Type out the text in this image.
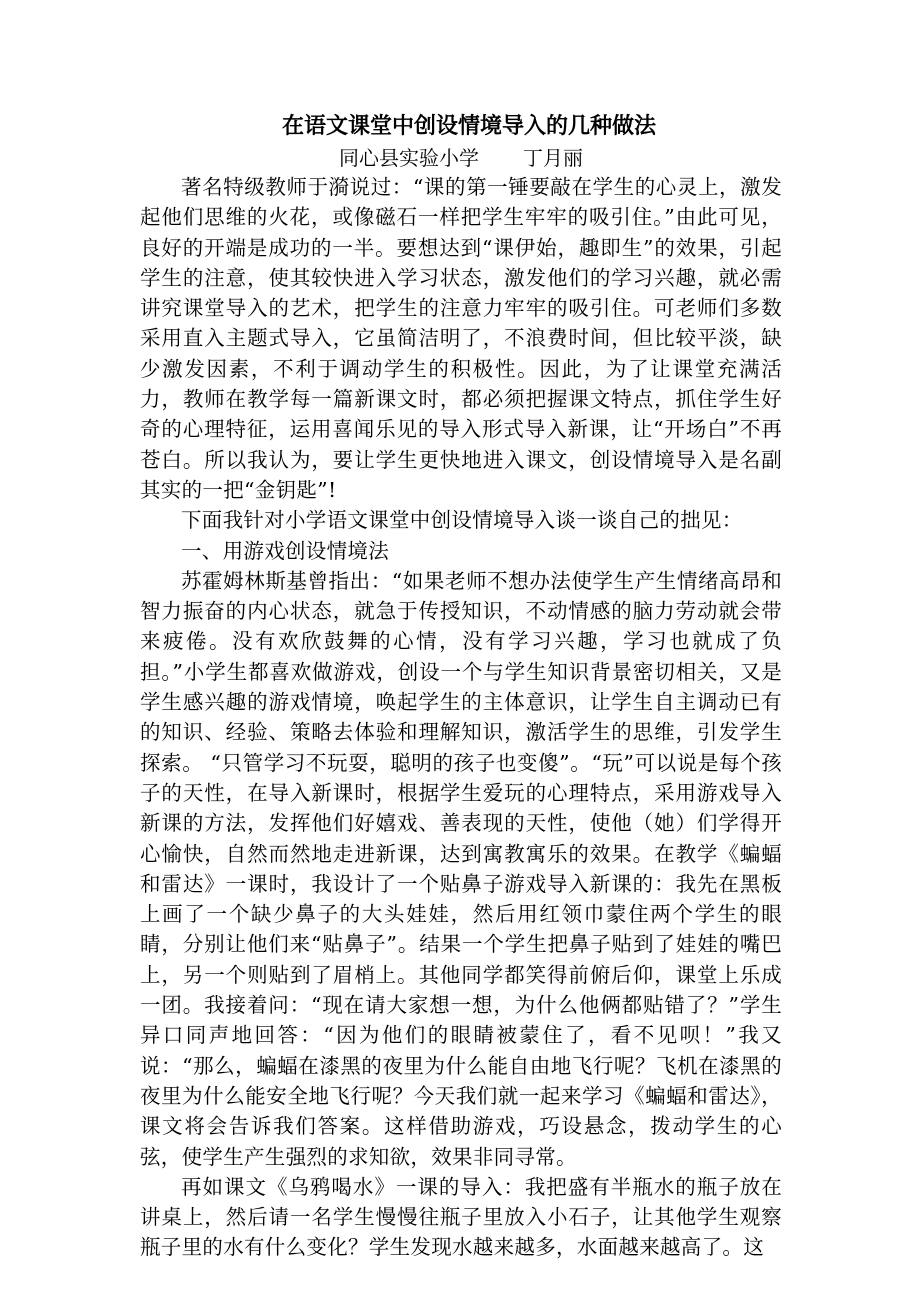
在语文课堂中创设情境导入的几种做法

同心县实验小学 丁月丽

著名特级教师于漪说过：“课的第一锤要敲在学生的心灵上，激发起他们思维的火花，或像磁石一样把学生牢牢的吸引住。”由此可见，良好的开端是成功的一半。要想达到“课伊始，趣即生”的效果，引起学生的注意，使其较快进入学习状态，激发他们的学习兴趣，就必需讲究课堂导入的艺术，把学生的注意力牢牢的吸引住。可老师们多数采用直入主题式导入，它虽简洁明了，不浪费时间，但比较平淡，缺少激发因素，不利于调动学生的积极性。因此，为了让课堂充满活力，教师在教学每一篇新课文时，都必须把握课文特点，抓住学生好奇的心理特征，运用喜闻乐见的导入形式导入新课，让“开场白”不再苍白。所以我认为，要让学生更快地进入课文，创设情境导入是名副其实的一把“金钥匙”!

下面我针对小学语文课堂中创设情境导入谈一谈自己的拙见：

一、用游戏创设情境法

苏霍姆林斯基曾指出：“如果老师不想办法使学生产生情绪高昂和智力振奋的内心状态，就急于传授知识，不动情感的脑力劳动就会带来疲倦。没有欢欣鼓舞的心情，没有学习兴趣，学习也就成了负担。”小学生都喜欢做游戏，创设一个与学生知识背景密切相关，又是学生感兴趣的游戏情境，唤起学生的主体意识，让学生自主调动已有的知识、经验、策略去体验和理解知识，激活学生的思维，引发学生探索。 “只管学习不玩耍，聪明的孩子也变傻”。“玩”可以说是每个孩子的天性，在导入新课时，根据学生爱玩的心理特点，采用游戏导入新课的方法，发挥他们好嬉戏、善表现的天性，使他（她）们学得开心愉快，自然而然地走进新课，达到寓教寓乐的效果。在教学《蝙蝠和雷达》一课时，我设计了一个贴鼻子游戏导入新课的：我先在黑板上画了一个缺少鼻子的大头娃娃，然后用红领巾蒙住两个学生的眼睛，分别让他们来“贴鼻子”。结果一个学生把鼻子贴到了娃娃的嘴巴上，另一个则贴到了眉梢上。其他同学都笑得前俯后仰，课堂上乐成一团。我接着问：“现在请大家想一想，为什么他俩都贴错了？”学生异口同声地回答：“因为他们的眼睛被蒙住了，看不见呗！”我又说：“那么，蝙蝠在漆黑的夜里为什么能自由地飞行呢？飞机在漆黑的夜里为什么能安全地飞行呢？今天我们就一起来学习《蝙蝠和雷达》，课文将会告诉我们答案。这样借助游戏，巧设悬念，拨动学生的心弦，使学生产生强烈的求知欲，效果非同寻常。

再如课文《乌鸦喝水》一课的导入：我把盛有半瓶水的瓶子放在讲桌上，然后请一名学生慢慢往瓶子里放入小石子，让其他学生观察瓶子里的水有什么变化？学生发现水越来越多，水面越来越高了。这
